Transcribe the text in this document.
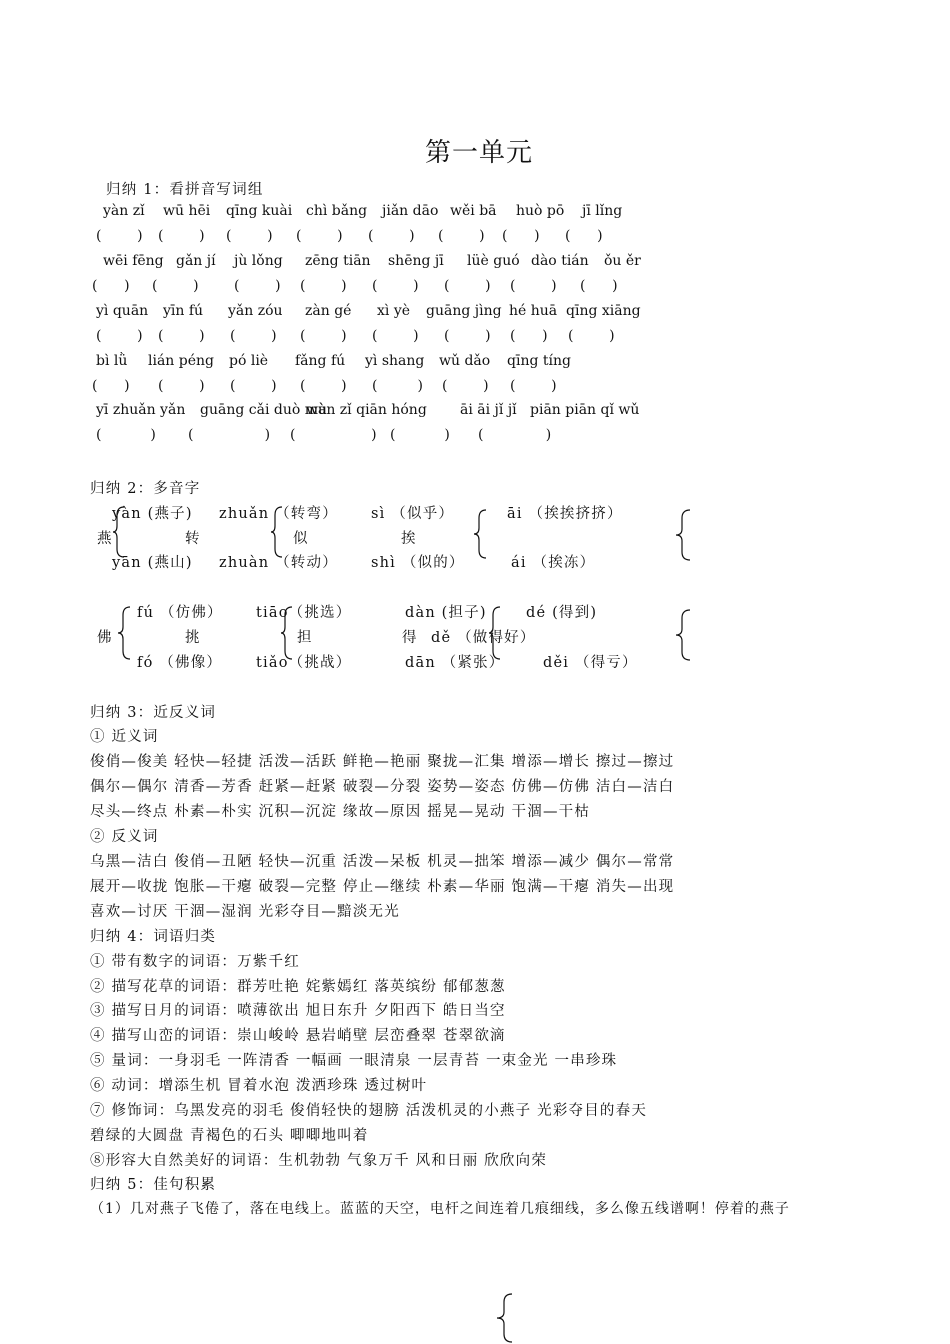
第一单元
归纳 1：看拼音写词组
yàn zǐ wū hēi qīng kuài chì bǎng jiǎn dāo wěi bā huò pō jī lǐng
(        ) (        ) (        ) (        ) (        ) (        ) (      ) (      )
wēi fēng gǎn jí jù lǒng zēng tiān shēng jī lüè guó dào tián ǒu ěr
(      ) (        )	(        ) (        ) (        ) (        ) (        ) (      )
yì quān yīn fú yǎn zóu zàn gé xì yè guāng jìng hé huā qīng xiāng
(        ) (        ) (        ) (        ) (        ) (        ) (      ) (        )
bì lǜ lián péng pó liè fǎng fú yì shang wǔ dǎo qīng tíng
(      ) (        ) (        ) (        ) (         ) (        ) (        )
yī zhuǎn yǎn guāng cǎi duò mù
wàn zǐ qiān hóng āi āi jǐ jǐ piān piān qǐ wǔ
(           ) (                ) (                 ) (           ) (              )
归纳 2：多音字
燕
yàn (燕子)
yān (燕山)
转
zhuǎn （转弯）
zhuàn （转动）
似
sì （似乎）
shì （似的）
挨
āi （挨挨挤挤）
ái （挨冻）
佛
fú （仿佛）
fó （佛像）
挑
tiāo（挑选）
tiǎo（挑战）
担
dàn (担子)
dān （紧张）
得
dé (得到)
dě （做得好）
děi （得亏）
归纳 3：近反义词
① 近义词
俊俏—俊美 轻快—轻捷 活泼—活跃 鲜艳—艳丽 聚拢—汇集 增添—增长 擦过—擦过
偶尔—偶尔 清香—芳香 赶紧—赶紧 破裂—分裂 姿势—姿态 仿佛—仿佛 洁白—洁白
尽头—终点 朴素—朴实 沉积—沉淀 缘故—原因 摇晃—晃动 干涸—干枯
② 反义词
乌黑—洁白 俊俏—丑陋 轻快—沉重 活泼—呆板 机灵—拙笨 增添—减少 偶尔—常常
展开—收拢 饱胀—干瘪 破裂—完整 停止—继续 朴素—华丽 饱满—干瘪 消失—出现
喜欢—讨厌 干涸—湿润 光彩夺目—黯淡无光
归纳 4：词语归类
① 带有数字的词语：万紫千红
② 描写花草的词语：群芳吐艳 姹紫嫣红 落英缤纷 郁郁葱葱
③ 描写日月的词语：喷薄欲出 旭日东升 夕阳西下 皓日当空
④ 描写山峦的词语：崇山峻岭 悬岩峭壁 层峦叠翠 苍翠欲滴
⑤ 量词：一身羽毛 一阵清香 一幅画 一眼清泉 一层青苔 一束金光 一串珍珠
⑥ 动词：增添生机 冒着水泡 泼洒珍珠 透过树叶
⑦ 修饰词：乌黑发亮的羽毛 俊俏轻快的翅膀 活泼机灵的小燕子 光彩夺目的春天
碧绿的大圆盘 青褐色的石头 唧唧地叫着
⑧形容大自然美好的词语：生机勃勃 气象万千 风和日丽 欣欣向荣
归纳 5：佳句积累
（1）几对燕子飞倦了，落在电线上。蓝蓝的天空，电杆之间连着几痕细线，多么像五线谱啊！停着的燕子
